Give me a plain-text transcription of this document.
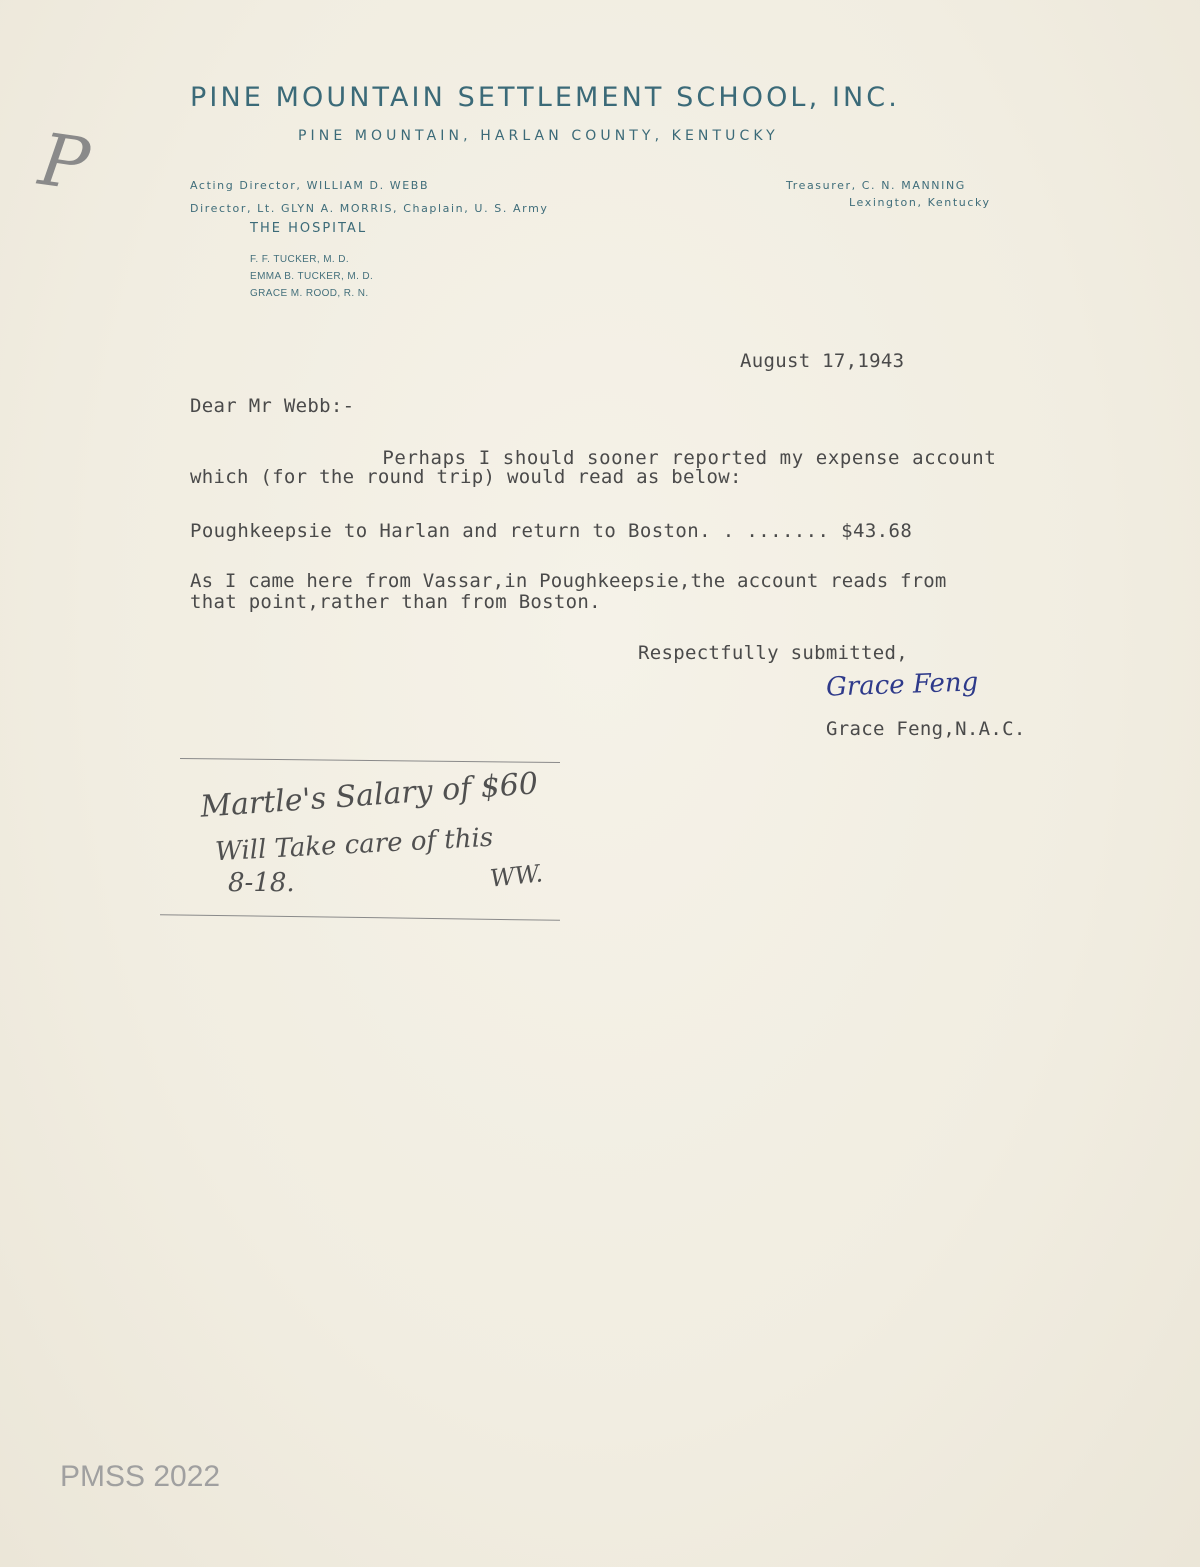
P
PINE MOUNTAIN SETTLEMENT SCHOOL, INC.
PINE MOUNTAIN, HARLAN COUNTY, KENTUCKY
Acting Director, WILLIAM D. WEBB
Director, Lt. GLYN A. MORRIS, Chaplain, U. S. Army
Treasurer, C. N. MANNING
Lexington, Kentucky
THE HOSPITAL
F. F. TUCKER, M. D.
EMMA B. TUCKER, M. D.
GRACE M. ROOD, R. N.
August 17,1943
Dear Mr Webb:-
Perhaps I should sooner reported my expense account
which (for the round trip) would read as below:
Poughkeepsie to Harlan and return to Boston. . ....... $43.68
As I came here from Vassar,in Poughkeepsie,the account reads from
that point,rather than from Boston.
Respectfully submitted,
Grace Feng
Grace Feng,N.A.C.
Martle's Salary of $60
Will Take care of this
8-18.	WW.
PMSS 2022
